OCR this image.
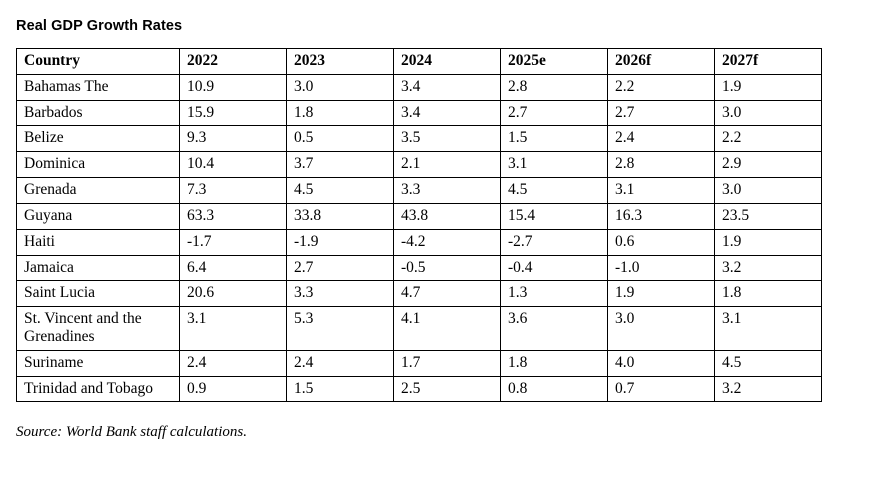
Real GDP Growth Rates
Country	2022	2023	2024	2025e	2026f	2027f
Bahamas The	10.9	3.0	3.4	2.8	2.2	1.9
Barbados	15.9	1.8	3.4	2.7	2.7	3.0
Belize	9.3	0.5	3.5	1.5	2.4	2.2
Dominica	10.4	3.7	2.1	3.1	2.8	2.9
Grenada	7.3	4.5	3.3	4.5	3.1	3.0
Guyana	63.3	33.8	43.8	15.4	16.3	23.5
Haiti	-1.7	-1.9	-4.2	-2.7	0.6	1.9
Jamaica	6.4	2.7	-0.5	-0.4	-1.0	3.2
Saint Lucia	20.6	3.3	4.7	1.3	1.9	1.8
St. Vincent and the Grenadines	3.1	5.3	4.1	3.6	3.0	3.1
Suriname	2.4	2.4	1.7	1.8	4.0	4.5
Trinidad and Tobago	0.9	1.5	2.5	0.8	0.7	3.2
Source: World Bank staff calculations.
